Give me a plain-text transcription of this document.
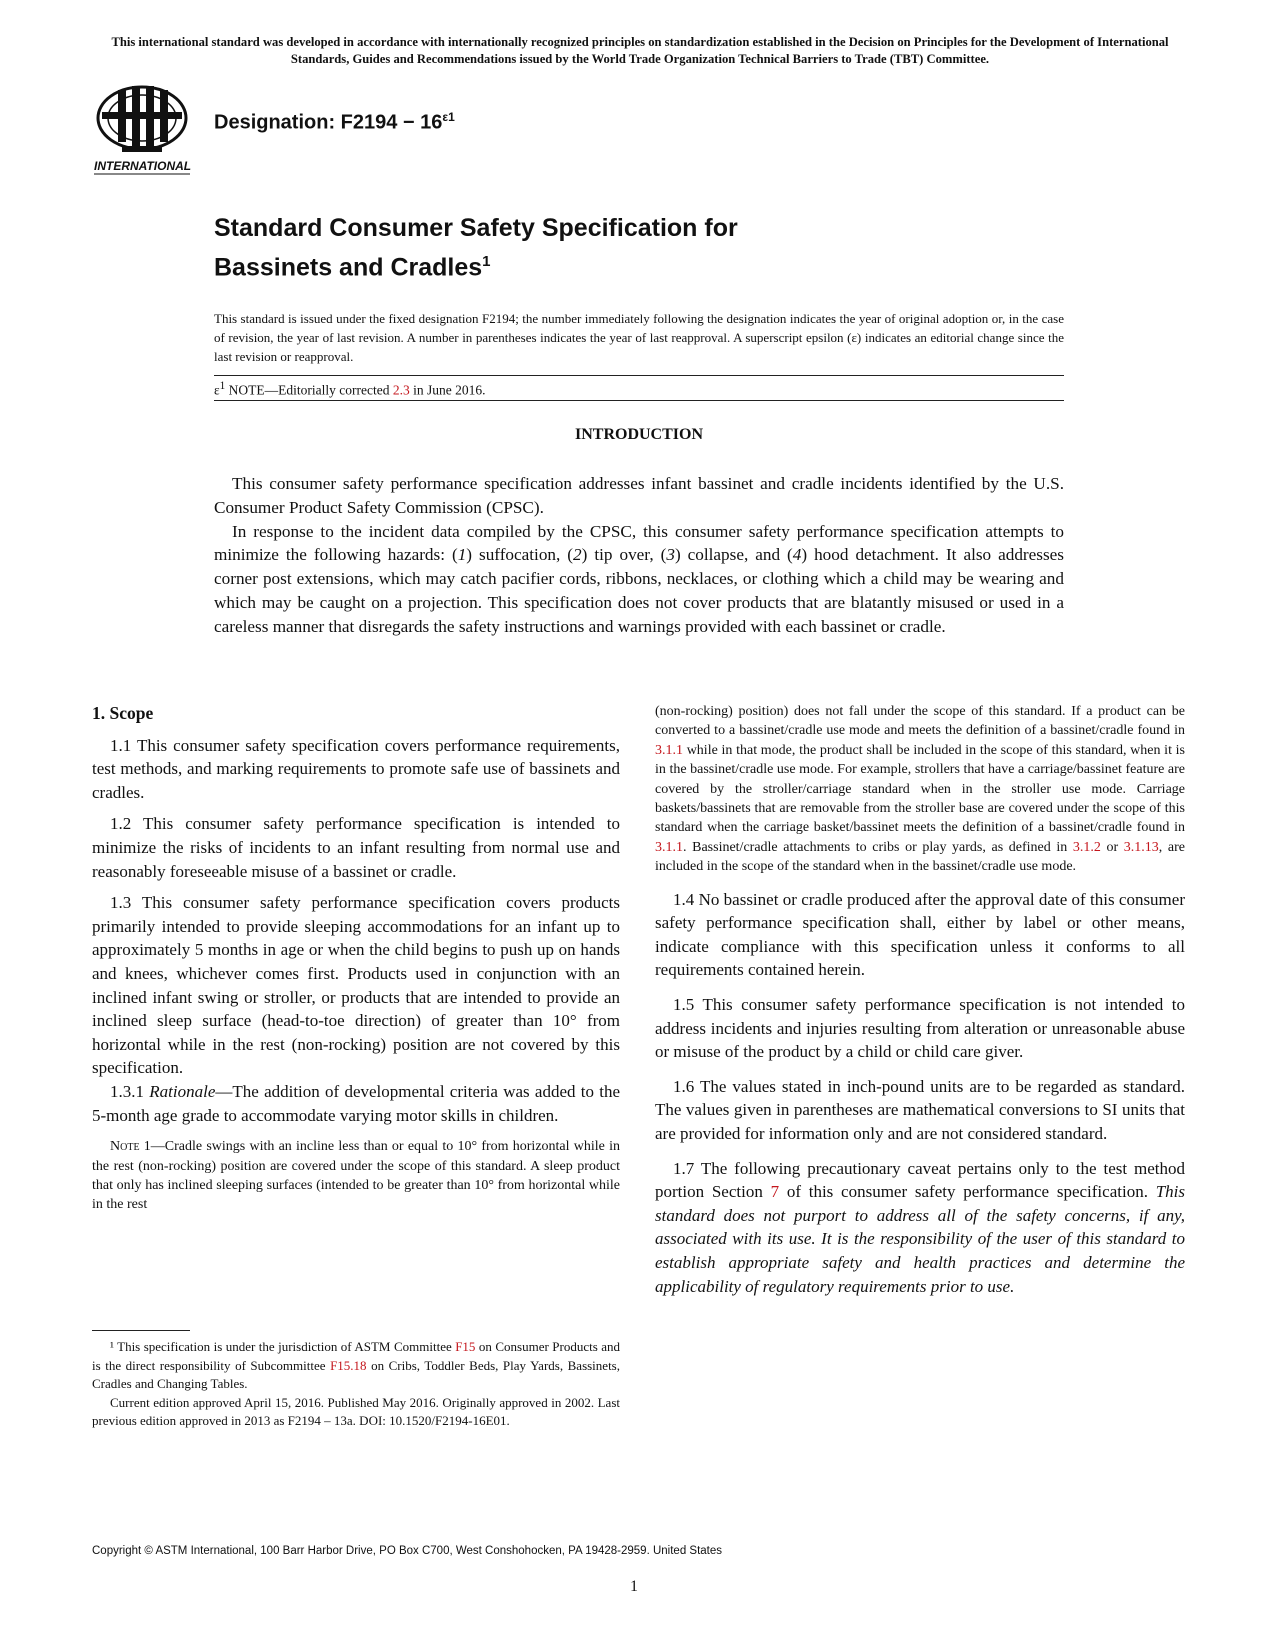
This international standard was developed in accordance with internationally recognized principles on standardization established in the Decision on Principles for the Development of International Standards, Guides and Recommendations issued by the World Trade Organization Technical Barriers to Trade (TBT) Committee.
INTERNATIONAL
Designation: $F2194 - 16^{\varepsilon 1}$
Standard Consumer Safety Specification for
Bassinets and Cradles$^1$
This standard is issued under the fixed designation F2194; the number immediately following the designation indicates the year of original adoption or, in the case of revision, the year of last revision. A number in parentheses indicates the year of last reapproval. A superscript epsilon (ε) indicates an editorial change since the last revision or reapproval.
$\varepsilon^1$ NOTE—Editorially corrected 2.3 in June 2016.
INTRODUCTION

This consumer safety performance specification addresses infant bassinet and cradle incidents identified by the U.S. Consumer Product Safety Commission (CPSC).

In response to the incident data compiled by the CPSC, this consumer safety performance specification attempts to minimize the following hazards: (1) suffocation, (2) tip over, (3) collapse, and (4) hood detachment. It also addresses corner post extensions, which may catch pacifier cords, ribbons, necklaces, or clothing which a child may be wearing and which may be caught on a projection. This specification does not cover products that are blatantly misused or used in a careless manner that disregards the safety instructions and warnings provided with each bassinet or cradle.

1. Scope

1.1 This consumer safety specification covers performance requirements, test methods, and marking requirements to promote safe use of bassinets and cradles.

1.2 This consumer safety performance specification is intended to minimize the risks of incidents to an infant resulting from normal use and reasonably foreseeable misuse of a bassinet or cradle.

1.3 This consumer safety performance specification covers products primarily intended to provide sleeping accommodations for an infant up to approximately 5 months in age or when the child begins to push up on hands and knees, whichever comes first. Products used in conjunction with an inclined infant swing or stroller, or products that are intended to provide an inclined sleep surface (head-to-toe direction) of greater than 10° from horizontal while in the rest (non-rocking) position are not covered by this specification.

1.3.1 Rationale—The addition of developmental criteria was added to the 5-month age grade to accommodate varying motor skills in children.

Note 1—Cradle swings with an incline less than or equal to 10° from horizontal while in the rest (non-rocking) position are covered under the scope of this standard. A sleep product that only has inclined sleeping surfaces (intended to be greater than 10° from horizontal while in the rest

¹ This specification is under the jurisdiction of ASTM Committee F15 on Consumer Products and is the direct responsibility of Subcommittee F15.18 on Cribs, Toddler Beds, Play Yards, Bassinets, Cradles and Changing Tables.

Current edition approved April 15, 2016. Published May 2016. Originally approved in 2002. Last previous edition approved in 2013 as F2194 – 13a. DOI: 10.1520/F2194-16E01.

(non-rocking) position) does not fall under the scope of this standard. If a product can be converted to a bassinet/cradle use mode and meets the definition of a bassinet/cradle found in 3.1.1 while in that mode, the product shall be included in the scope of this standard, when it is in the bassinet/cradle use mode. For example, strollers that have a carriage/bassinet feature are covered by the stroller/carriage standard when in the stroller use mode. Carriage baskets/bassinets that are removable from the stroller base are covered under the scope of this standard when the carriage basket/bassinet meets the definition of a bassinet/cradle found in 3.1.1. Bassinet/cradle attachments to cribs or play yards, as defined in 3.1.2 or 3.1.13, are included in the scope of the standard when in the bassinet/cradle use mode.

1.4 No bassinet or cradle produced after the approval date of this consumer safety performance specification shall, either by label or other means, indicate compliance with this specification unless it conforms to all requirements contained herein.

1.5 This consumer safety performance specification is not intended to address incidents and injuries resulting from alteration or unreasonable abuse or misuse of the product by a child or child care giver.

1.6 The values stated in inch-pound units are to be regarded as standard. The values given in parentheses are mathematical conversions to SI units that are provided for information only and are not considered standard.

1.7 The following precautionary caveat pertains only to the test method portion Section 7 of this consumer safety performance specification. This standard does not purport to address all of the safety concerns, if any, associated with its use. It is the responsibility of the user of this standard to establish appropriate safety and health practices and determine the applicability of regulatory requirements prior to use.

Copyright © ASTM International, 100 Barr Harbor Drive, PO Box C700, West Conshohocken, PA 19428-2959. United States
1
